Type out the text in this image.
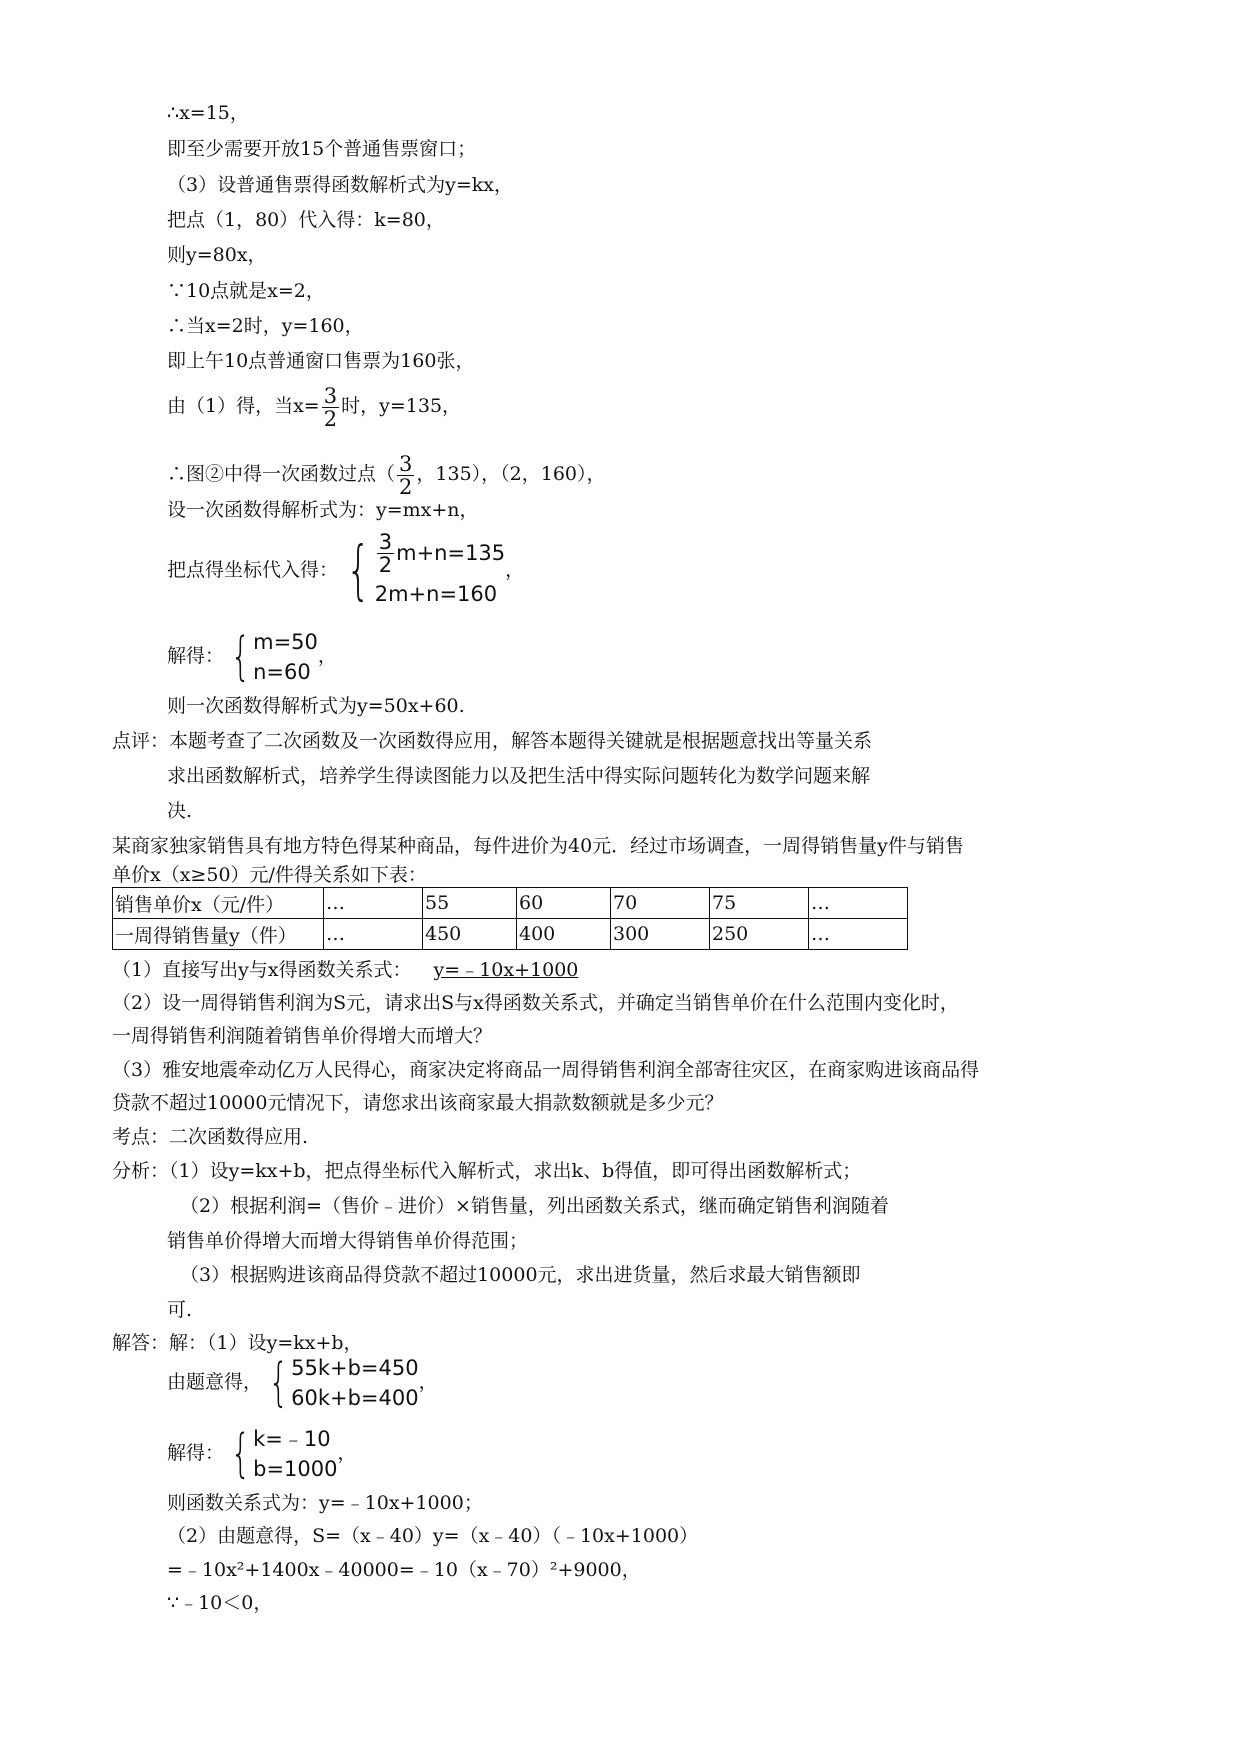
∴x=15，
即至少需要开放15个普通售票窗口；
（3）设普通售票得函数解析式为y=kx，
把点（1，80）代入得：k=80，
则y=80x，
∵10点就是x=2，
∴当x=2时，y=160，
即上午10点普通窗口售票为160张，
由（1）得，当$x= \frac{3}{2}$ 时，y=135，
∴图②中得一次函数过点（ $\frac{3}{2}$ ，135），（2，160），
设一次函数得解析式为：y=mx+n，
把点得坐标代入得： { $\frac{3}{2} m+n=135$
2m+n=160
，
解得： { m=50
n=60
，
则一次函数得解析式为y=50x+60.
点评：本题考查了二次函数及一次函数得应用，解答本题得关键就是根据题意找出等量关系
求出函数解析式，培养学生得读图能力以及把生活中得实际问题转化为数学问题来解
决.
某商家独家销售具有地方特色得某种商品，每件进价为40元．经过市场调查，一周得销售量y件与销售
单价x（x≥50）元/件得关系如下表：
销售单价x（元/件）	…	55	60	70	75	…
一周得销售量y（件）	…	450	400	300	250	…
（1）直接写出y与x得函数关系式： y=﹣10x+1000
（2）设一周得销售利润为S元，请求出S与x得函数关系式，并确定当销售单价在什么范围内变化时，
一周得销售利润随着销售单价得增大而增大？
（3）雅安地震牵动亿万人民得心，商家决定将商品一周得销售利润全部寄往灾区，在商家购进该商品得
贷款不超过10000元情况下，请您求出该商家最大捐款数额就是多少元？
考点：二次函数得应用.
分析：（1）设y=kx+b，把点得坐标代入解析式，求出k、b得值，即可得出函数解析式；
（2）根据利润=（售价﹣进价）×销售量，列出函数关系式，继而确定销售利润随着
销售单价得增大而增大得销售单价得范围；
（3）根据购进该商品得贷款不超过10000元，求出进货量，然后求最大销售额即
可.
解答：解：（1）设y=kx+b，
由题意得， { 55k+b=450
60k+b=400
，
解得： { k=﹣10
b=1000
，
则函数关系式为：y=﹣10x+1000；
（2）由题意得，S=（x﹣40）y=（x﹣40）（﹣10x+1000）
=﹣10x²+1400x﹣40000=﹣10（x﹣70）²+9000，
∵﹣10＜0，
